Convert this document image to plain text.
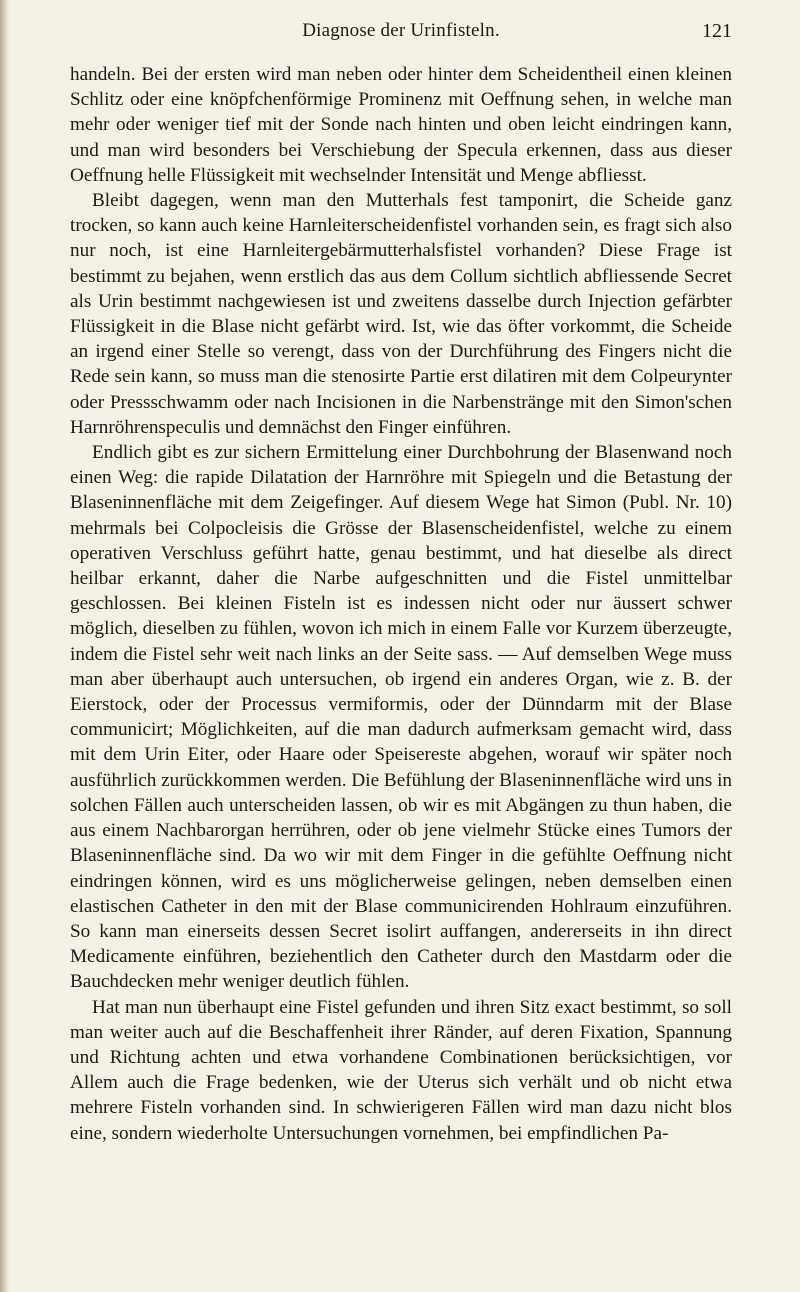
Diagnose der Urinfisteln.	121

handeln. Bei der ersten wird man neben oder hinter dem Scheidentheil einen kleinen Schlitz oder eine knöpfchenförmige Prominenz mit Oeffnung sehen, in welche man mehr oder weniger tief mit der Sonde nach hinten und oben leicht eindringen kann, und man wird besonders bei Verschiebung der Specula erkennen, dass aus dieser Oeffnung helle Flüssigkeit mit wechselnder Intensität und Menge abfliesst.

Bleibt dagegen, wenn man den Mutterhals fest tamponirt, die Scheide ganz trocken, so kann auch keine Harnleiterscheidenfistel vorhanden sein, es fragt sich also nur noch, ist eine Harnleitergebärmutterhalsfistel vorhanden? Diese Frage ist bestimmt zu bejahen, wenn erstlich das aus dem Collum sichtlich abfliessende Secret als Urin bestimmt nachgewiesen ist und zweitens dasselbe durch Injection gefärbter Flüssigkeit in die Blase nicht gefärbt wird. Ist, wie das öfter vorkommt, die Scheide an irgend einer Stelle so verengt, dass von der Durchführung des Fingers nicht die Rede sein kann, so muss man die stenosirte Partie erst dilatiren mit dem Colpeurynter oder Pressschwamm oder nach Incisionen in die Narbenstränge mit den Simon'schen Harnröhrenspeculis und demnächst den Finger einführen.

Endlich gibt es zur sichern Ermittelung einer Durchbohrung der Blasenwand noch einen Weg: die rapide Dilatation der Harnröhre mit Spiegeln und die Betastung der Blaseninnenfläche mit dem Zeigefinger. Auf diesem Wege hat Simon (Publ. Nr. 10) mehrmals bei Colpocleisis die Grösse der Blasenscheidenfistel, welche zu einem operativen Verschluss geführt hatte, genau bestimmt, und hat dieselbe als direct heilbar erkannt, daher die Narbe aufgeschnitten und die Fistel unmittelbar geschlossen. Bei kleinen Fisteln ist es indessen nicht oder nur äussert schwer möglich, dieselben zu fühlen, wovon ich mich in einem Falle vor Kurzem überzeugte, indem die Fistel sehr weit nach links an der Seite sass. — Auf demselben Wege muss man aber überhaupt auch untersuchen, ob irgend ein anderes Organ, wie z. B. der Eierstock, oder der Processus vermiformis, oder der Dünndarm mit der Blase communicirt; Möglichkeiten, auf die man dadurch aufmerksam gemacht wird, dass mit dem Urin Eiter, oder Haare oder Speisereste abgehen, worauf wir später noch ausführlich zurückkommen werden. Die Befühlung der Blaseninnenfläche wird uns in solchen Fällen auch unterscheiden lassen, ob wir es mit Abgängen zu thun haben, die aus einem Nachbarorgan herrühren, oder ob jene vielmehr Stücke eines Tumors der Blaseninnenfläche sind. Da wo wir mit dem Finger in die gefühlte Oeffnung nicht eindringen können, wird es uns möglicherweise gelingen, neben demselben einen elastischen Catheter in den mit der Blase communicirenden Hohlraum einzuführen. So kann man einerseits dessen Secret isolirt auffangen, andererseits in ihn direct Medicamente einführen, beziehentlich den Catheter durch den Mastdarm oder die Bauchdecken mehr weniger deutlich fühlen.

Hat man nun überhaupt eine Fistel gefunden und ihren Sitz exact bestimmt, so soll man weiter auch auf die Beschaffenheit ihrer Ränder, auf deren Fixation, Spannung und Richtung achten und etwa vorhandene Combinationen berücksichtigen, vor Allem auch die Frage bedenken, wie der Uterus sich verhält und ob nicht etwa mehrere Fisteln vorhanden sind. In schwierigeren Fällen wird man dazu nicht blos eine, sondern wiederholte Untersuchungen vornehmen, bei empfindlichen Pa-
